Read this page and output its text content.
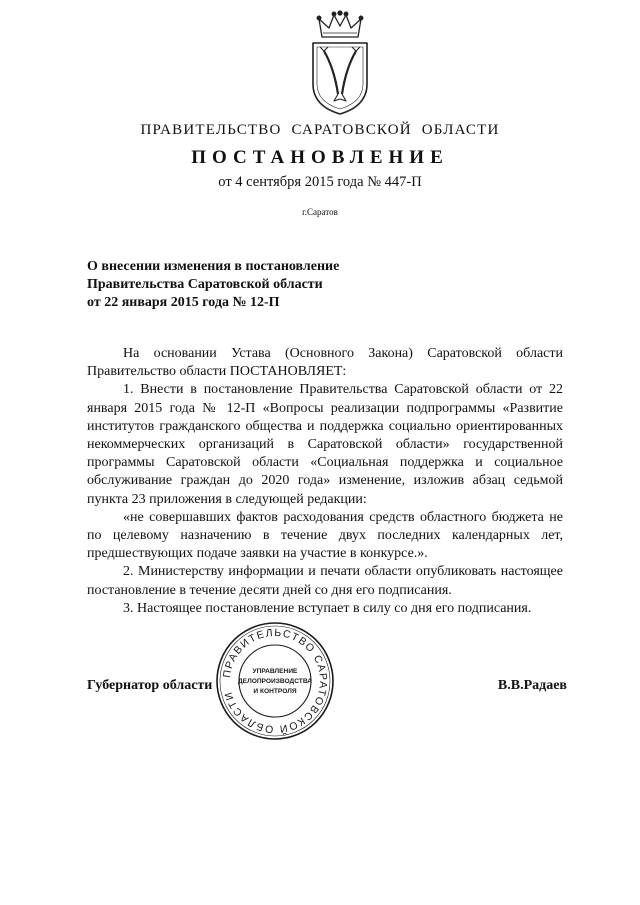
ПРАВИТЕЛЬСТВО САРАТОВСКОЙ ОБЛАСТИ
ПОСТАНОВЛЕНИЕ
от 4 сентября 2015 года № 447-П
г.Саратов
О внесении изменения в постановление
Правительства Саратовской области
от 22 января 2015 года № 12-П

На основании Устава (Основного Закона) Саратовской области Правительство области ПОСТАНОВЛЯЕТ:

1. Внести в постановление Правительства Саратовской области от 22 января 2015 года № 12-П «Вопросы реализации подпрограммы «Развитие институтов гражданского общества и поддержка социально ориентированных некоммерческих организаций в Саратовской области» государственной программы Саратовской области «Социальная поддержка и социальное обслуживание граждан до 2020 года» изменение, изложив абзац седьмой пункта 23 приложения в следующей редакции:

«не совершавших фактов расходования средств областного бюджета не по целевому назначению в течение двух последних календарных лет, предшествующих подаче заявки на участие в конкурсе.».

2. Министерству информации и печати области опубликовать настоящее постановление в течение десяти дней со дня его подписания.

3. Настоящее постановление вступает в силу со дня его подписания.

Губернатор области	В.В.Радаев
ПРАВИТЕЛЬСТВО САРАТОВСКОЙ ОБЛАСТИ
УПРАВЛЕНИЕ
ДЕЛОПРОИЗВОДСТВА
И КОНТРОЛЯ
